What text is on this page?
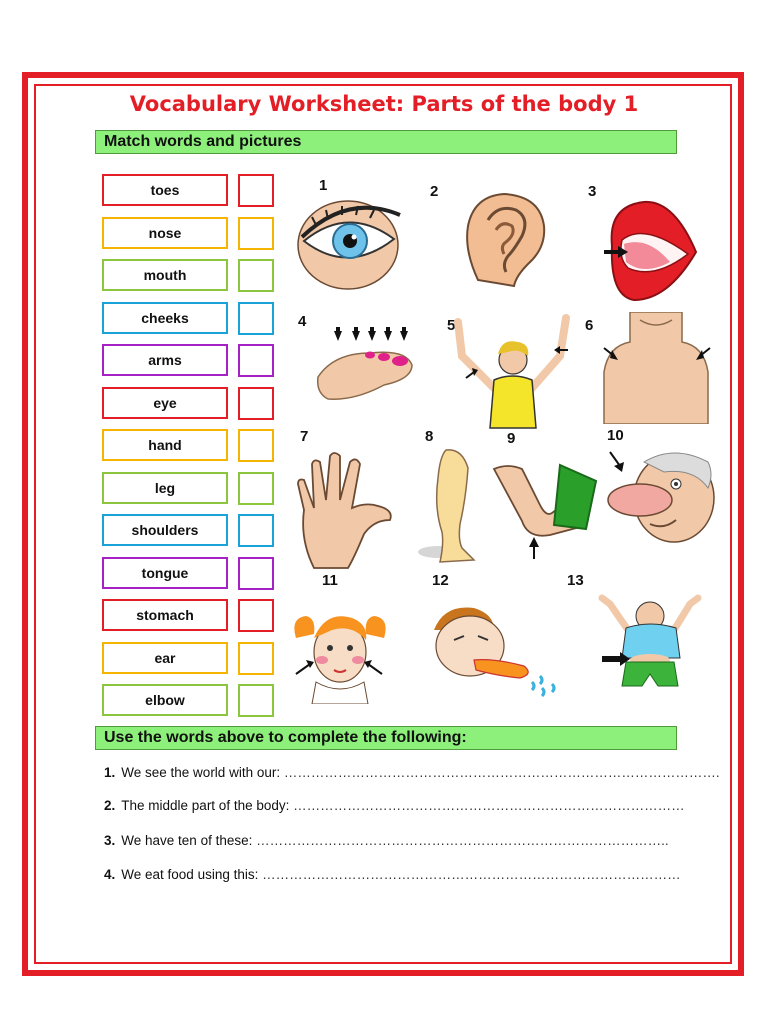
Vocabulary Worksheet: Parts of the body 1
Match words and pictures
toes
nose
mouth
cheeks
arms
eye
hand
leg
shoulders
tongue
stomach
ear
elbow
1	2	3
4	5	6
7	8	9	10
11	12	13
Use the words above to complete the following:
1. We see the world with our: …………………………………………………………………………………….
2. The middle part of the body: ……………………………………………………………………………
3. We have ten of these: ………………………………………………………………………………..
4. We eat food using this: …………………………………………………………………………………
